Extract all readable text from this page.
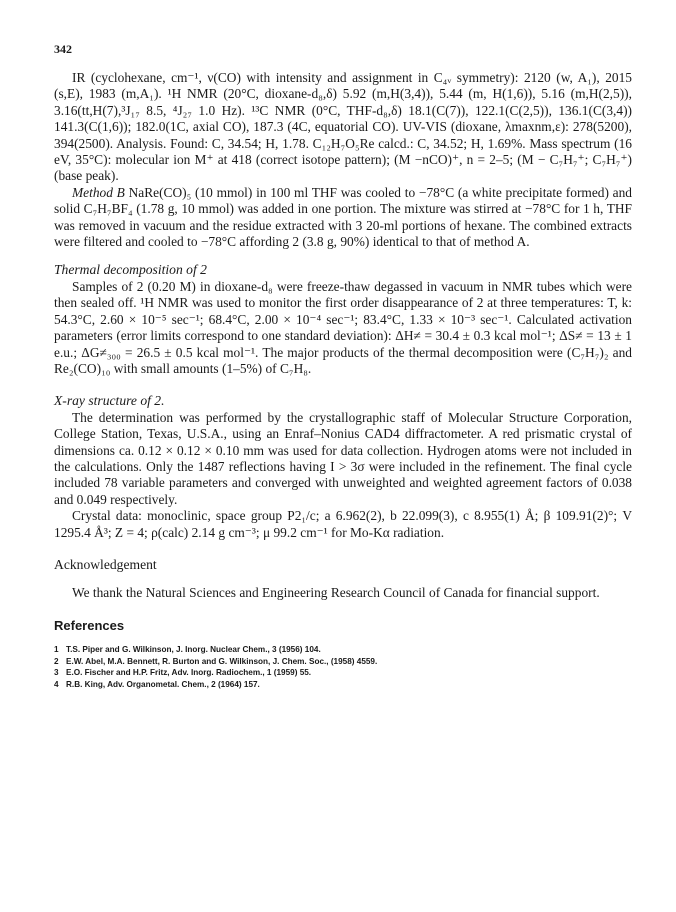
342

IR (cyclohexane, cm⁻¹, ν(CO) with intensity and assignment in C₄ᵥ symmetry): 2120 (w, A₁), 2015 (s,E), 1983 (m,A₁). ¹H NMR (20°C, dioxane-d₈,δ) 5.92 (m,H(3,4)), 5.44 (m, H(1,6)), 5.16 (m,H(2,5)), 3.16(tt,H(7),³J₁₇ 8.5, ⁴J₂₇ 1.0 Hz). ¹³C NMR (0°C, THF-d₈,δ) 18.1(C(7)), 122.1(C(2,5)), 136.1(C(3,4)) 141.3(C(1,6)); 182.0(1C, axial CO), 187.3 (4C, equatorial CO). UV-VIS (dioxane, λmaxnm,ε): 278(5200), 394(2500). Analysis. Found: C, 34.54; H, 1.78. C₁₂H₇O₅Re calcd.: C, 34.52; H, 1.69%. Mass spectrum (16 eV, 35°C): molecular ion M⁺ at 418 (correct isotope pattern); (M −nCO)⁺, n = 2–5; (M − C₇H₇⁺; C₇H₇⁺) (base peak).

Method B NaRe(CO)₅ (10 mmol) in 100 ml THF was cooled to −78°C (a white precipitate formed) and solid C₇H₇BF₄ (1.78 g, 10 mmol) was added in one portion. The mixture was stirred at −78°C for 1 h, THF was removed in vacuum and the residue extracted with 3 20-ml portions of hexane. The combined extracts were filtered and cooled to −78°C affording 2 (3.8 g, 90%) identical to that of method A.

Thermal decomposition of 2

Samples of 2 (0.20 M) in dioxane-d₈ were freeze-thaw degassed in vacuum in NMR tubes which were then sealed off. ¹H NMR was used to monitor the first order disappearance of 2 at three temperatures: T, k: 54.3°C, 2.60 × 10⁻⁵ sec⁻¹; 68.4°C, 2.00 × 10⁻⁴ sec⁻¹; 83.4°C, 1.33 × 10⁻³ sec⁻¹. Calculated activation parameters (error limits correspond to one standard deviation): ΔH≠ = 30.4 ± 0.3 kcal mol⁻¹; ΔS≠ = 13 ± 1 e.u.; ΔG≠₃₀₀ = 26.5 ± 0.5 kcal mol⁻¹. The major products of the thermal decomposition were (C₇H₇)₂ and Re₂(CO)₁₀ with small amounts (1–5%) of C₇H₈.

X-ray structure of 2.

The determination was performed by the crystallographic staff of Molecular Structure Corporation, College Station, Texas, U.S.A., using an Enraf–Nonius CAD4 diffractometer. A red prismatic crystal of dimensions ca. 0.12 × 0.12 × 0.10 mm was used for data collection. Hydrogen atoms were not included in the calculations. Only the 1487 reflections having I > 3σ were included in the refinement. The final cycle included 78 variable parameters and converged with unweighted and weighted agreement factors of 0.038 and 0.049 respectively.

Crystal data: monoclinic, space group P2₁/c; a 6.962(2), b 22.099(3), c 8.955(1) Å; β 109.91(2)°; V 1295.4 Å³; Z = 4; ρ(calc) 2.14 g cm⁻³; μ 99.2 cm⁻¹ for Mo-Kα radiation.

Acknowledgement

We thank the Natural Sciences and Engineering Research Council of Canada for financial support.

References

1 T.S. Piper and G. Wilkinson, J. Inorg. Nuclear Chem., 3 (1956) 104.
2 E.W. Abel, M.A. Bennett, R. Burton and G. Wilkinson, J. Chem. Soc., (1958) 4559.
3 E.O. Fischer and H.P. Fritz, Adv. Inorg. Radiochem., 1 (1959) 55.
4 R.B. King, Adv. Organometal. Chem., 2 (1964) 157.
